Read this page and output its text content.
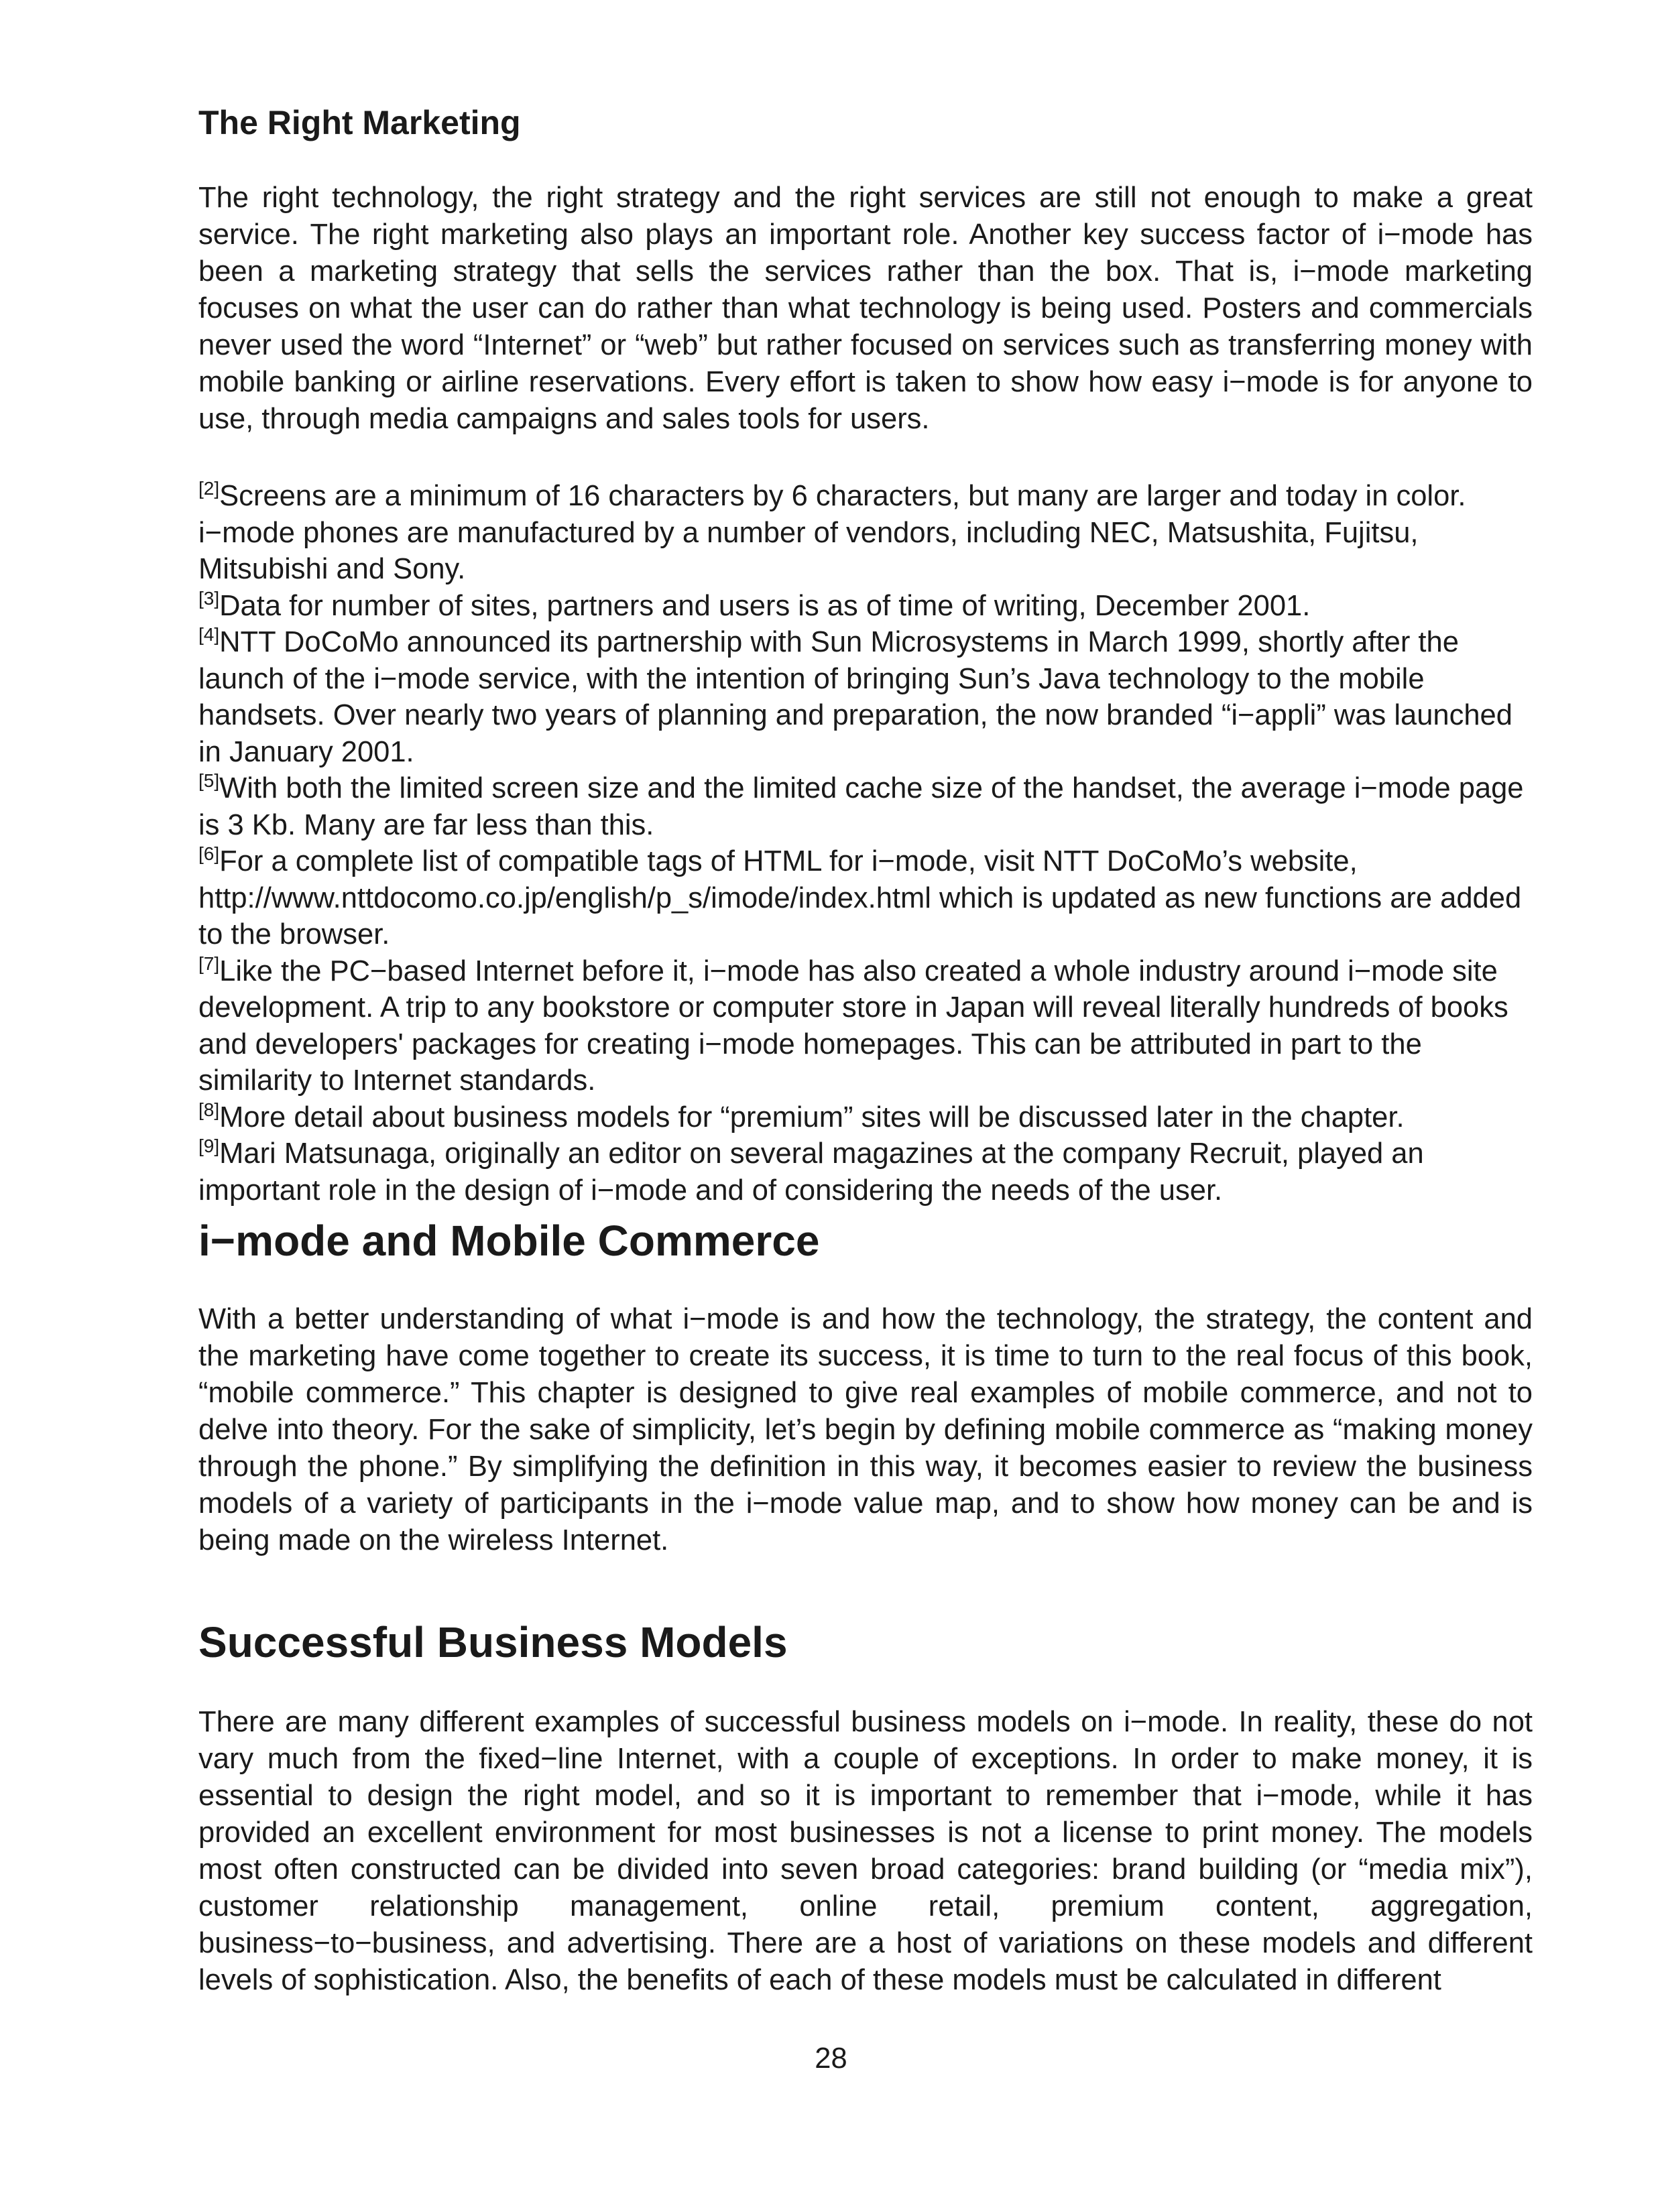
The Right Marketing

The right technology, the right strategy and the right services are still not enough to make a great service. The right marketing also plays an important role. Another key success factor of i−mode has been a marketing strategy that sells the services rather than the box. That is, i−mode marketing focuses on what the user can do rather than what technology is being used. Posters and commercials never used the word “Internet” or “web” but rather focused on services such as transferring money with mobile banking or airline reservations. Every effort is taken to show how easy i−mode is for anyone to use, through media campaigns and sales tools for users.

[2]Screens are a minimum of 16 characters by 6 characters, but many are larger and today in color. i−mode phones are manufactured by a number of vendors, including NEC, Matsushita, Fujitsu, Mitsubishi and Sony.

[3]Data for number of sites, partners and users is as of time of writing, December 2001.

[4]NTT DoCoMo announced its partnership with Sun Microsystems in March 1999, shortly after the launch of the i−mode service, with the intention of bringing Sun’s Java technology to the mobile handsets. Over nearly two years of planning and preparation, the now branded “i−appli” was launched in January 2001.

[5]With both the limited screen size and the limited cache size of the handset, the average i−mode page is 3 Kb. Many are far less than this.

[6]For a complete list of compatible tags of HTML for i−mode, visit NTT DoCoMo’s website, http://www.nttdocomo.co.jp/english/p_s/imode/index.html which is updated as new functions are added to the browser.

[7]Like the PC−based Internet before it, i−mode has also created a whole industry around i−mode site development. A trip to any bookstore or computer store in Japan will reveal literally hundreds of books and developers' packages for creating i−mode homepages. This can be attributed in part to the similarity to Internet standards.

[8]More detail about business models for “premium” sites will be discussed later in the chapter.

[9]Mari Matsunaga, originally an editor on several magazines at the company Recruit, played an important role in the design of i−mode and of considering the needs of the user.

i−mode and Mobile Commerce

With a better understanding of what i−mode is and how the technology, the strategy, the content and the marketing have come together to create its success, it is time to turn to the real focus of this book, “mobile commerce.” This chapter is designed to give real examples of mobile commerce, and not to delve into theory. For the sake of simplicity, let’s begin by defining mobile commerce as “making money through the phone.” By simplifying the definition in this way, it becomes easier to review the business models of a variety of participants in the i−mode value map, and to show how money can be and is being made on the wireless Internet.

Successful Business Models

There are many different examples of successful business models on i−mode. In reality, these do not vary much from the fixed−line Internet, with a couple of exceptions. In order to make money, it is essential to design the right model, and so it is important to remember that i−mode, while it has provided an excellent environment for most businesses is not a license to print money. The models most often constructed can be divided into seven broad categories: brand building (or “media mix”), customer relationship management, online retail, premium content, aggregation, business−to−business, and advertising. There are a host of variations on these models and different levels of sophistication. Also, the benefits of each of these models must be calculated in different

28
